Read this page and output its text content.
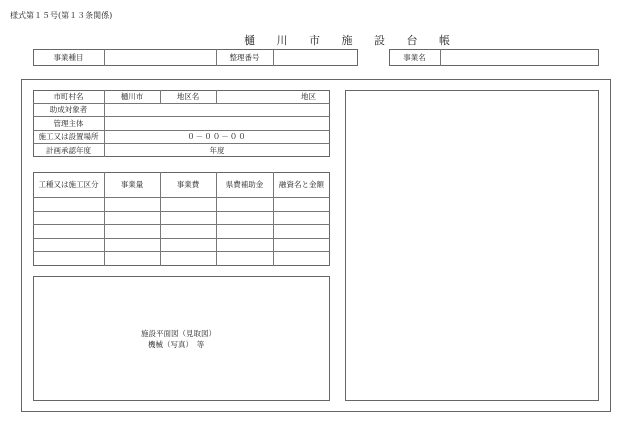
様式第１５号(第１３条関係)
樋 川 市 施 設 台 帳
事業種目	整理番号	事業名
市町村名	樋川市	地区名	地区
助成対象者
管理主体
施工又は設置場所	０－００－００
計画承認年度	年度
工種又は施工区分	事業量	事業費	県費補助金	融資名と金額
施設平面図（見取図）
機械（写真）　等
